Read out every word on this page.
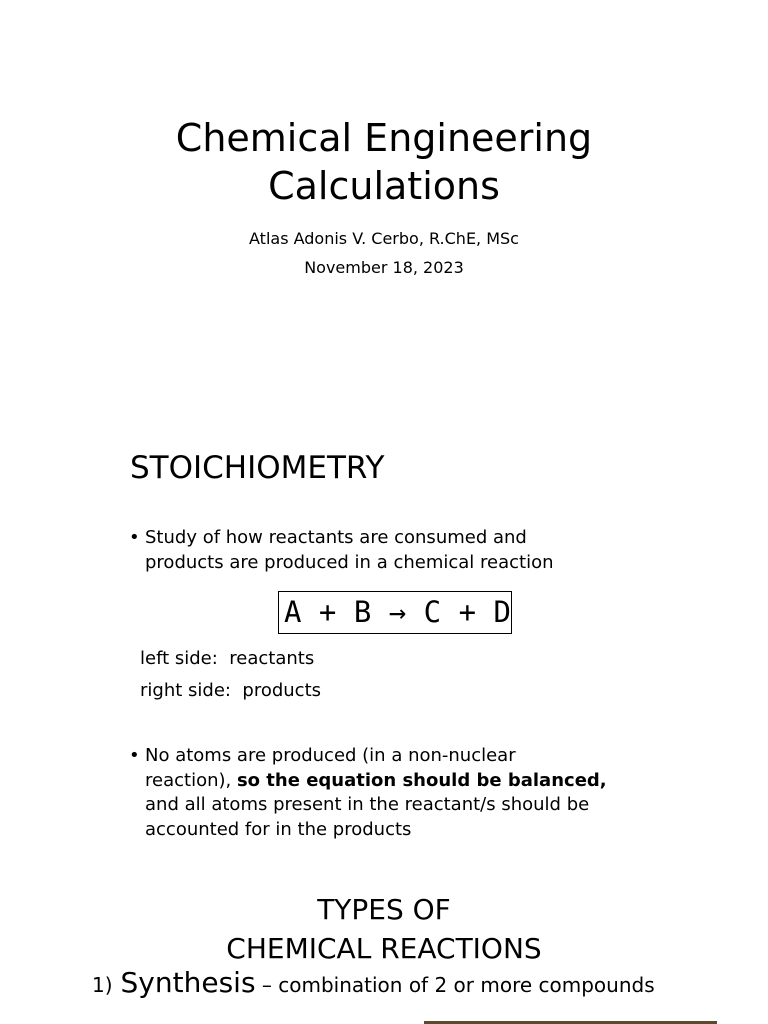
Chemical Engineering
Calculations
Atlas Adonis V. Cerbo, R.ChE, MSc
November 18, 2023
STOICHIOMETRY
• Study of how reactants are consumed and
products are produced in a chemical reaction
A + B → C + D
left side:  reactants
right side:  products
• No atoms are produced (in a non-nuclear
reaction), so the equation should be balanced,
and all atoms present in the reactant/s should be
accounted for in the products
TYPES OF
CHEMICAL REACTIONS
1) Synthesis – combination of 2 or more compounds
